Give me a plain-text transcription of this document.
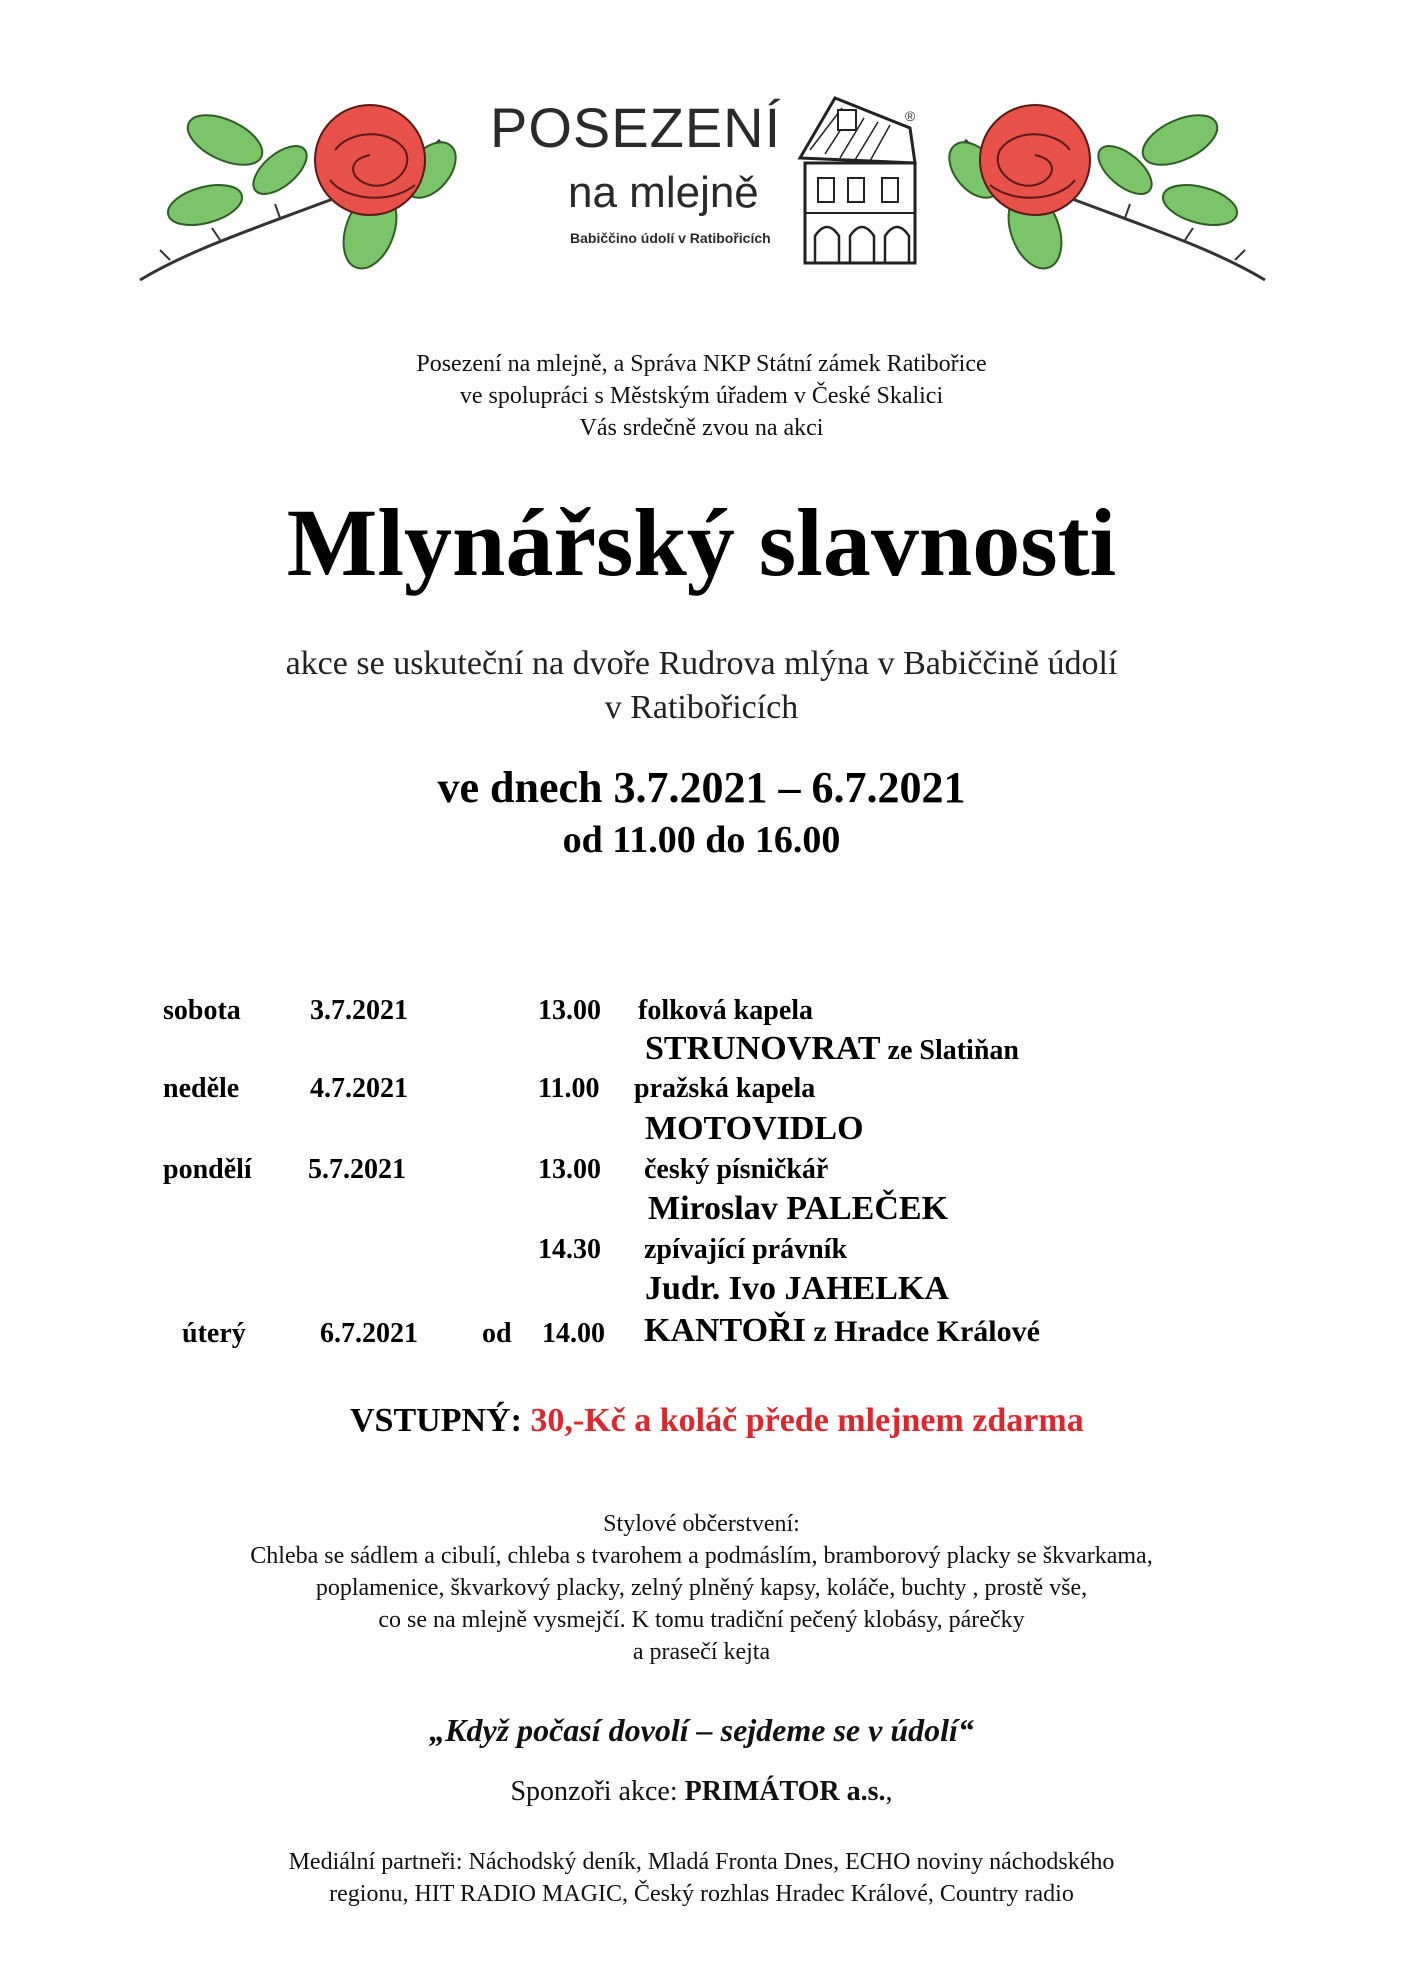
POSEZENÍ
na mlejně
Babiččino údolí v Ratibořicích
®
Posezení na mlejně, a Správa NKP Státní zámek Ratibořice
ve spolupráci s Městským úřadem v České Skalici
Vás srdečně zvou na akci
Mlynářský slavnosti
akce se uskuteční na dvoře Rudrova mlýna v Babiččině údolí
v Ratibořicích
ve dnech 3.7.2021 – 6.7.2021
od 11.00 do 16.00
sobota 3.7.2021	13.00 folková kapela
STRUNOVRAT ze Slatiňan
neděle	4.7.2021	11.00 pražská kapela
MOTOVIDLO
pondělí 5.7.2021	13.00 český písničkář
Miroslav PALEČEK
14.30 zpívající právník
Judr. Ivo JAHELKA
úterý	6.7.2021 od 14.00 KANTOŘI z Hradce Králové
VSTUPNÝ: 30,-Kč a koláč přede mlejnem zdarma
Stylové občerstvení:
Chleba se sádlem a cibulí, chleba s tvarohem a podmáslím, bramborový placky se škvarkama,
poplamenice, škvarkový placky, zelný plněný kapsy, koláče, buchty , prostě vše,
co se na mlejně vysmejčí. K tomu tradiční pečený klobásy, párečky
a prasečí kejta
„Když počasí dovolí – sejdeme se v údolí“
Sponzoři akce: PRIMÁTOR a.s.,
Mediální partneři: Náchodský deník, Mladá Fronta Dnes, ECHO noviny náchodského
regionu, HIT RADIO MAGIC, Český rozhlas Hradec Králové, Country radio
